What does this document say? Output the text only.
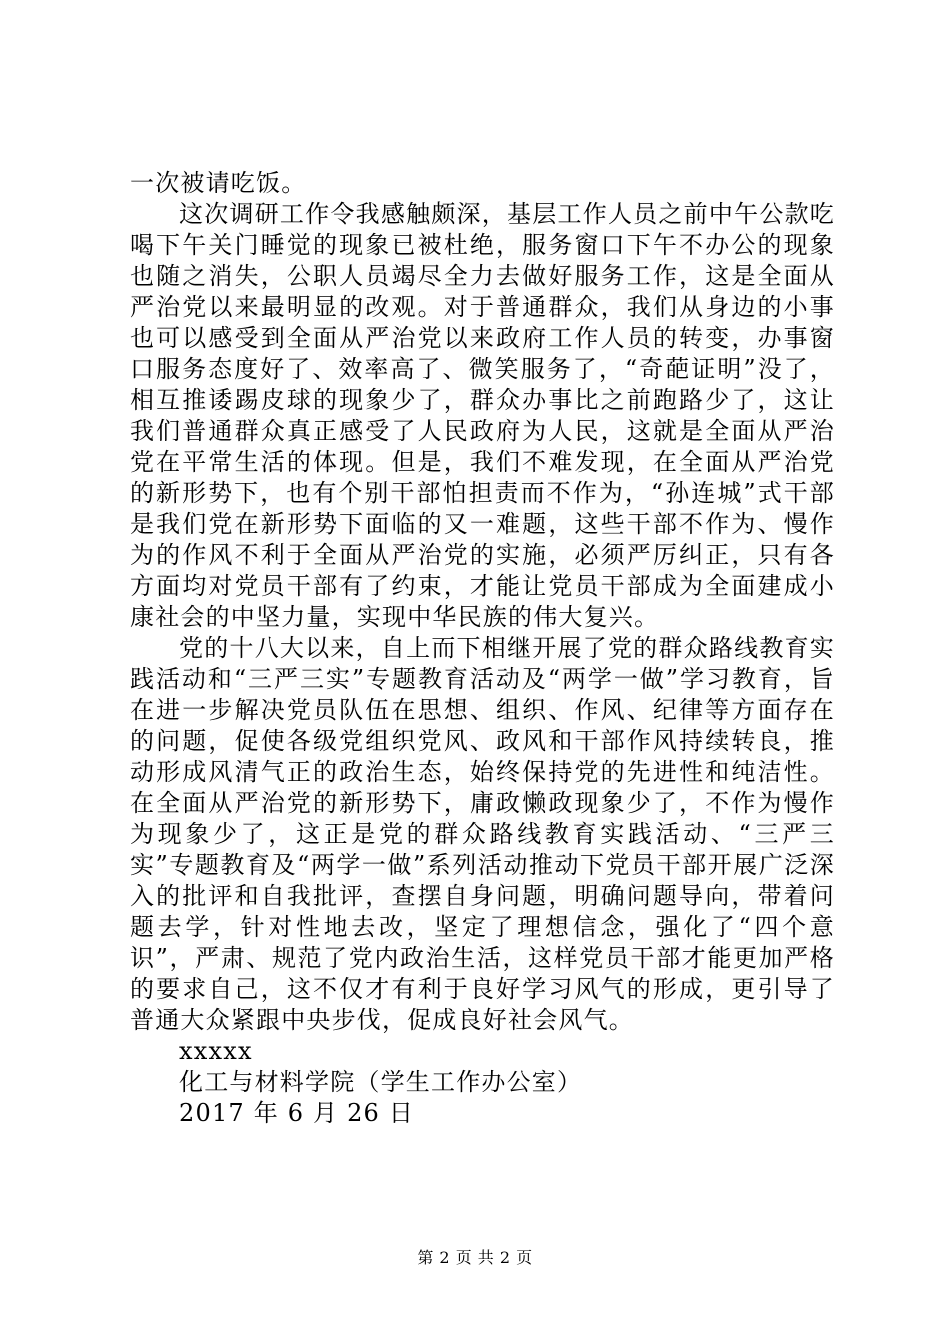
一次被请吃饭。

这次调研工作令我感触颇深，基层工作人员之前中午公款吃喝下午关门睡觉的现象已被杜绝，服务窗口下午不办公的现象也随之消失，公职人员竭尽全力去做好服务工作，这是全面从严治党以来最明显的改观。对于普通群众，我们从身边的小事也可以感受到全面从严治党以来政府工作人员的转变，办事窗口服务态度好了、效率高了、微笑服务了，“奇葩证明”没了，相互推诿踢皮球的现象少了，群众办事比之前跑路少了，这让我们普通群众真正感受了人民政府为人民，这就是全面从严治党在平常生活的体现。但是，我们不难发现，在全面从严治党的新形势下，也有个别干部怕担责而不作为，“孙连城”式干部是我们党在新形势下面临的又一难题，这些干部不作为、慢作为的作风不利于全面从严治党的实施，必须严厉纠正，只有各方面均对党员干部有了约束，才能让党员干部成为全面建成小康社会的中坚力量，实现中华民族的伟大复兴。

党的十八大以来，自上而下相继开展了党的群众路线教育实践活动和“三严三实”专题教育活动及“两学一做”学习教育，旨在进一步解决党员队伍在思想、组织、作风、纪律等方面存在的问题，促使各级党组织党风、政风和干部作风持续转良，推动形成风清气正的政治生态，始终保持党的先进性和纯洁性。在全面从严治党的新形势下，庸政懒政现象少了，不作为慢作为现象少了，这正是党的群众路线教育实践活动、“三严三实”专题教育及“两学一做”系列活动推动下党员干部开展广泛深入的批评和自我批评，查摆自身问题，明确问题导向，带着问题去学，针对性地去改，坚定了理想信念，强化了“四个意识”，严肃、规范了党内政治生活，这样党员干部才能更加严格的要求自己，这不仅才有利于良好学习风气的形成，更引导了普通大众紧跟中央步伐，促成良好社会风气。

xxxxx

化工与材料学院（学生工作办公室）

2017 年 6 月 26 日

第 2 页 共 2 页
